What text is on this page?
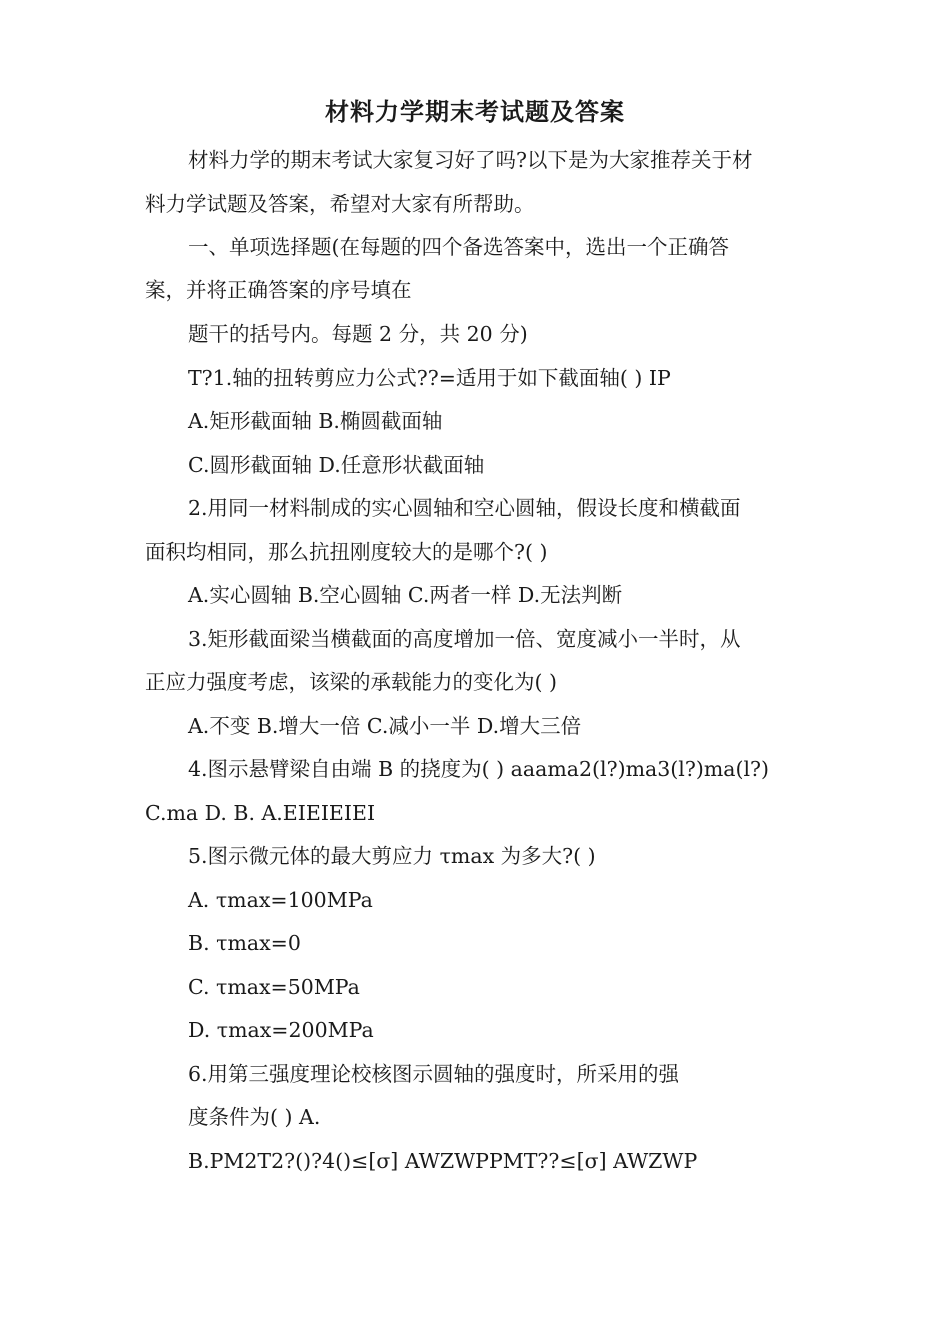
材料力学期末考试题及答案
材料力学的期末考试大家复习好了吗?以下是为大家推荐关于材
料力学试题及答案，希望对大家有所帮助。
一、单项选择题(在每题的四个备选答案中，选出一个正确答
案，并将正确答案的序号填在
题干的括号内。每题 2 分，共 20 分)
T?1.轴的扭转剪应力公式??=适用于如下截面轴( ) IP
A.矩形截面轴 B.椭圆截面轴
C.圆形截面轴 D.任意形状截面轴
2.用同一材料制成的实心圆轴和空心圆轴，假设长度和横截面
面积均相同，那么抗扭刚度较大的是哪个?( )
A.实心圆轴 B.空心圆轴 C.两者一样 D.无法判断
3.矩形截面梁当横截面的高度增加一倍、宽度减小一半时，从
正应力强度考虑，该梁的承载能力的变化为( )
A.不变 B.增大一倍 C.减小一半 D.增大三倍
4.图示悬臂梁自由端 B 的挠度为( ) aaama2(l?)ma3(l?)ma(l?)
C.ma D. B. A.EIEIEIEI
5.图示微元体的最大剪应力 τmax 为多大?( )
A. τmax=100MPa
B. τmax=0
C. τmax=50MPa
D. τmax=200MPa
6.用第三强度理论校核图示圆轴的强度时，所采用的强
度条件为( ) A.
B.PM2T2?()?4()≤[σ] AWZWPPMT??≤[σ] AWZWP
